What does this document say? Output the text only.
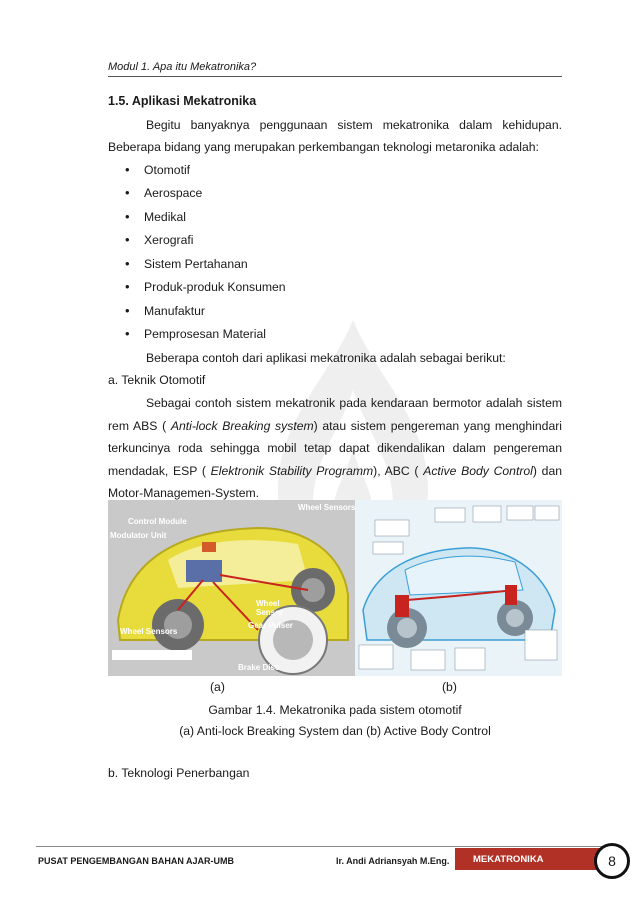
Modul 1. Apa itu Mekatronika?

1.5. Aplikasi Mekatronika

Begitu banyaknya penggunaan sistem mekatronika dalam kehidupan. Beberapa bidang yang merupakan perkembangan teknologi metaronika adalah:

• Otomotif
• Aerospace
• Medikal
• Xerografi
• Sistem Pertahanan
• Produk-produk Konsumen
• Manufaktur
• Pemprosesan Material

Beberapa contoh dari aplikasi mekatronika adalah sebagai berikut:

a. Teknik Otomotif

Sebagai contoh sistem mekatronik pada kendaraan bermotor adalah sistem rem ABS ( Anti-lock Breaking system) atau sistem pengereman yang menghindari terkuncinya roda sehingga mobil tetap dapat dikendalikan dalam pengereman mendadak, ESP ( Elektronik Stability Programm), ABC ( Active Body Control) dan Motor-Managemen-System.

Control Module
Modulator Unit
Wheel Sensors
Wheel
Sensor
Gear Pulser
Wheel Sensors
Brake Disc
(a)	(b)
Gambar 1.4. Mekatronika pada sistem otomotif
(a) Anti-lock Breaking System dan (b) Active Body Control
b. Teknologi Penerbangan
PUSAT PENGEMBANGAN BAHAN AJAR-UMB	Ir. Andi Adriansyah M.Eng. MEKATRONIKA	8
